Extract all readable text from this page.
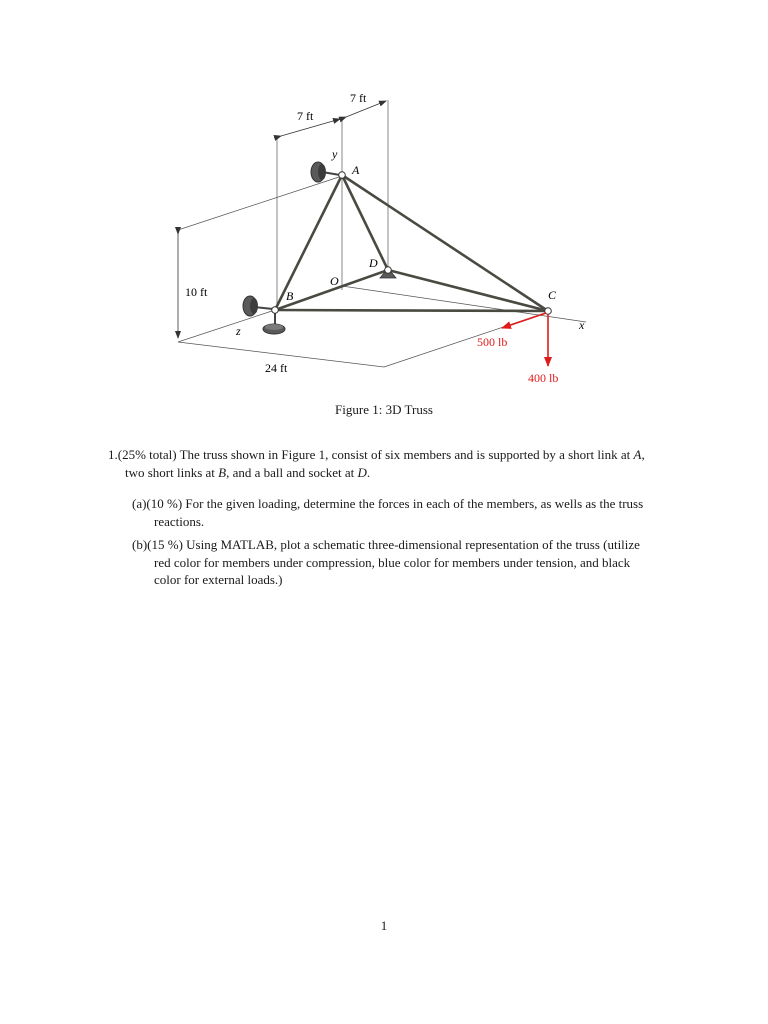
7 ft
7 ft
10 ft
24 ft
y
x
z
O
A
B	C
D
500 lb
400 lb
Figure 1: 3D Truss
1.(25% total) The truss shown in Figure 1, consist of six members and is supported by a short link at A,
two short links at B, and a ball and socket at D.
(a)(10 %) For the given loading, determine the forces in each of the members, as wells as the truss
reactions.
(b)(15 %) Using MATLAB, plot a schematic three-dimensional representation of the truss (utilize
red color for members under compression, blue color for members under tension, and black
color for external loads.)
1
